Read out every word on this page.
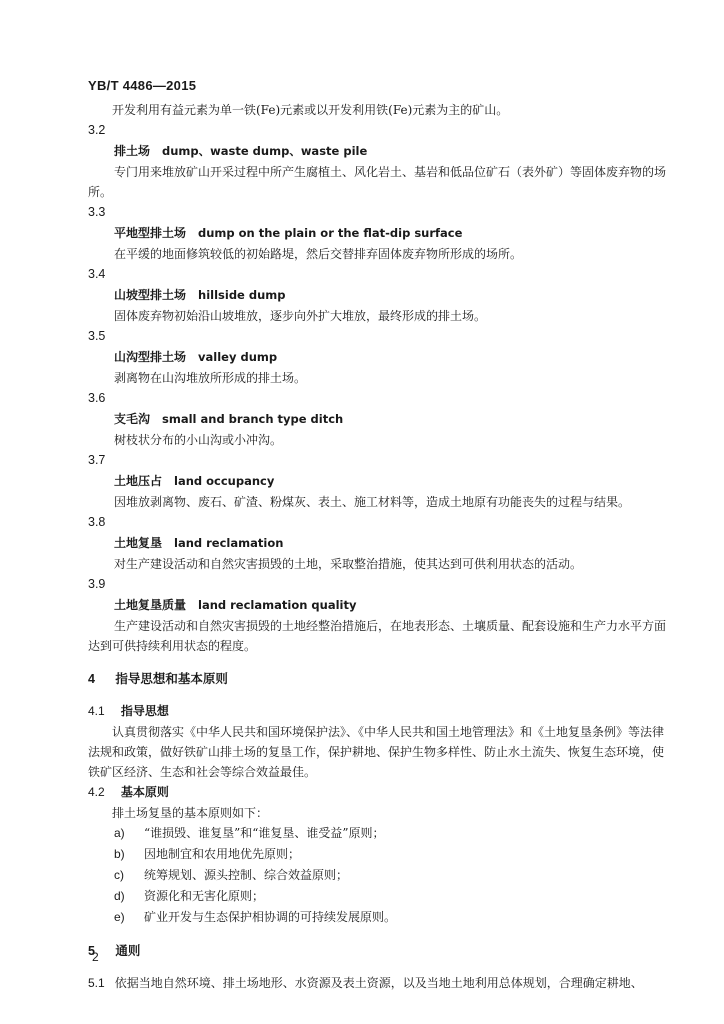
YB/T 4486—2015

开发利用有益元素为单一铁(Fe)元素或以开发利用铁(Fe)元素为主的矿山。

3.2
排土场 dump、waste dump、waste pile

专门用来堆放矿山开采过程中所产生腐植土、风化岩土、基岩和低品位矿石（表外矿）等固体废弃物的场所。

3.3
平地型排土场 dump on the plain or the flat-dip surface

在平缓的地面修筑较低的初始路堤，然后交替排弃固体废弃物所形成的场所。

3.4
山坡型排土场 hillside dump

固体废弃物初始沿山坡堆放，逐步向外扩大堆放，最终形成的排土场。

3.5
山沟型排土场 valley dump

剥离物在山沟堆放所形成的排土场。

3.6
支毛沟 small and branch type ditch

树枝状分布的小山沟或小冲沟。

3.7
土地压占 land occupancy

因堆放剥离物、废石、矿渣、粉煤灰、表土、施工材料等，造成土地原有功能丧失的过程与结果。

3.8
土地复垦 land reclamation

对生产建设活动和自然灾害损毁的土地，采取整治措施，使其达到可供利用状态的活动。

3.9
土地复垦质量 land reclamation quality

生产建设活动和自然灾害损毁的土地经整治措施后，在地表形态、土壤质量、配套设施和生产力水平方面达到可供持续利用状态的程度。

4 指导思想和基本原则
4.1 指导思想

认真贯彻落实《中华人民共和国环境保护法》、《中华人民共和国土地管理法》和《土地复垦条例》等法律法规和政策，做好铁矿山排土场的复垦工作，保护耕地、保护生物多样性、防止水土流失、恢复生态环境，使铁矿区经济、生态和社会等综合效益最佳。

4.2 基本原则

排土场复垦的基本原则如下：

a) “谁损毁、谁复垦”和“谁复垦、谁受益”原则；
b) 因地制宜和农用地优先原则；
c) 统筹规划、源头控制、综合效益原则；
d) 资源化和无害化原则；
e) 矿业开发与生态保护相协调的可持续发展原则。
5 通则

5.1 依据当地自然环境、排土场地形、水资源及表土资源，以及当地土地利用总体规划，合理确定耕地、

2
